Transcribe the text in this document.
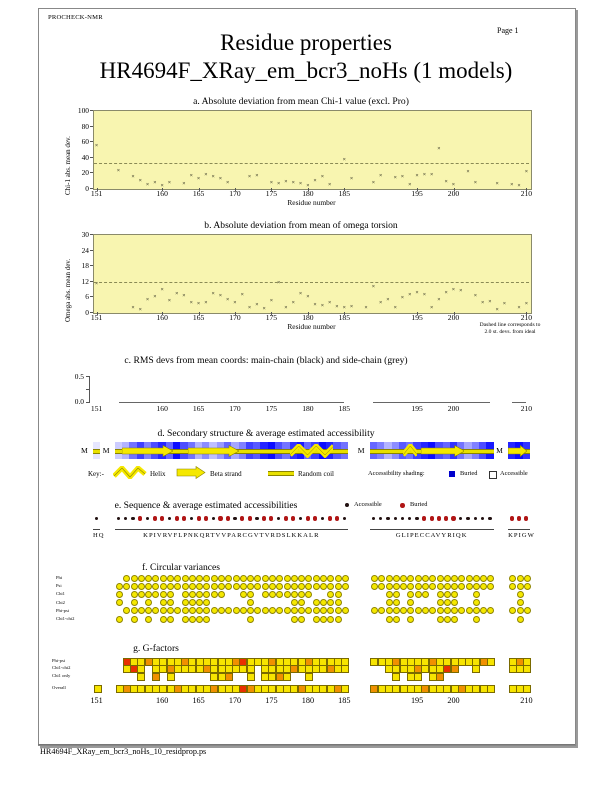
PROCHECK-NMR
Page 1
Residue properties
HR4694F_XRay_em_bcr3_noHs (1 models)
HR4694F_XRay_em_bcr3_noHs_10_residprop.ps
a. Absolute deviation from mean Chi-1 value (excl. Pro)
Chi-1 abs. mean dev.	0
20
40
60
80
100
×
×
×
×
× × ×
× ×
× ×
× × ×
×
× ×
× × × × × ×
×
×
×
×
×
×
× × ×
×
× × ×
×
×
×
×
×	× × ×
×
151	160	165	170	175	180	185	195	200	210
Residue number
b. Absolute deviation from mean of omega torsion
Omega abs. mean dev.	0
6
12
18
24
30
×
× ×
×
×
×
×
× ×
× × ×
× ×
×
×
×
×
×
×
×
×
×
×
× ×
× ×
×
× × × ×
×
×
×
×
× × × ×
×
×
× × ×
×
× ×
×
×
×
×
151	160	165	170	175	180	185	195	200	210
Residue number	Dashed line corresponds to
2.0 st. devs. from ideal
c. RMS devs from mean coords: main-chain (black) and side-chain (grey)
0.5
0.0
151	160	165	170	175	180	185	195	200	210
d. Secondary structure & average estimated accessibility
M M	M	M
Key:-	Helix	Beta strand	Random coil	Accessibility shading:	Buried	Accessible
e. Sequence & average estimated accessibilities	Accessible	Buried
HQ	KPIVRVFLPNKQRTVVPARCGVTVRDSLKKALR	GLIPECCAVYRIQK	KPIGW
f. Circular variances
Phi
Psi
Chi1
Chi2
Phi-psi
Chi1-chi2
g. G-factors
Phi-psi
Chi1-chi2
Chi1 only
Overall
151	160	165	170	175	180	185	195	200	210
